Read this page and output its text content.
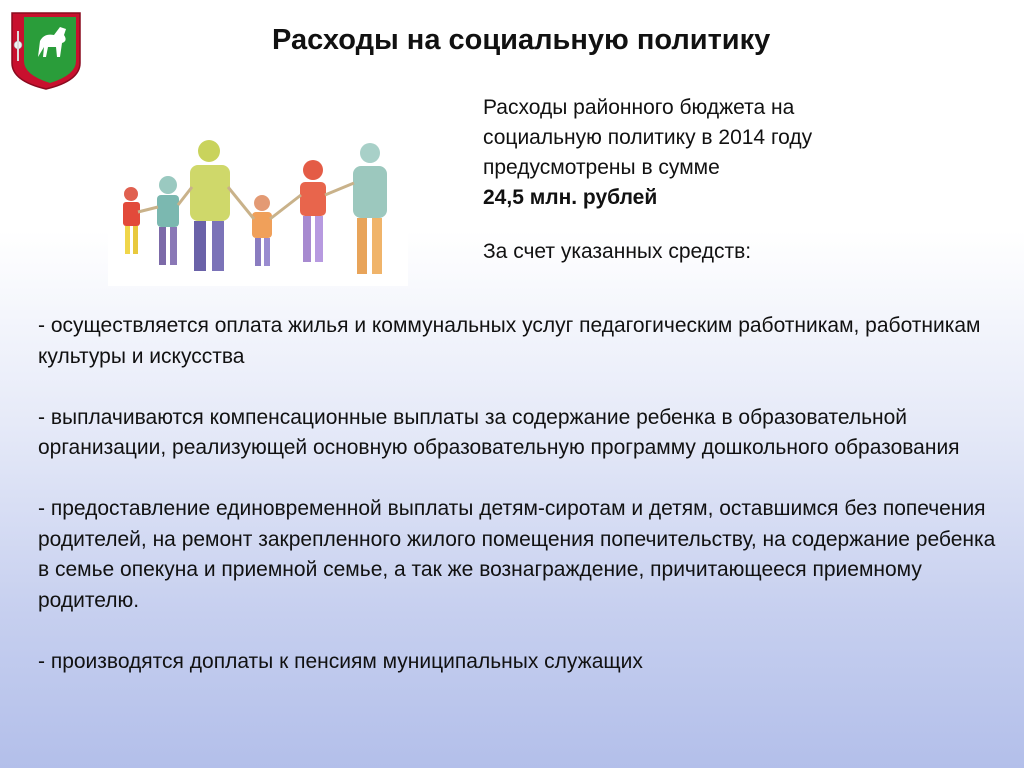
Расходы на социальную политику

Расходы районного бюджета на
социальную политику в 2014 году
предусмотрены в сумме
24,5 млн. рублей

За счет указанных средств:

- осуществляется оплата жилья и коммунальных услуг педагогическим работникам, работникам культуры и искусства
- выплачиваются компенсационные выплаты за содержание ребенка в образовательной организации, реализующей основную образовательную программу дошкольного образования
- предоставление единовременной выплаты детям-сиротам и детям, оставшимся без попечения родителей, на ремонт закрепленного жилого помещения попечительству, на содержание ребенка в семье опекуна и приемной семье, а так же вознаграждение, причитающееся приемному родителю.
- производятся доплаты к пенсиям муниципальных служащих
